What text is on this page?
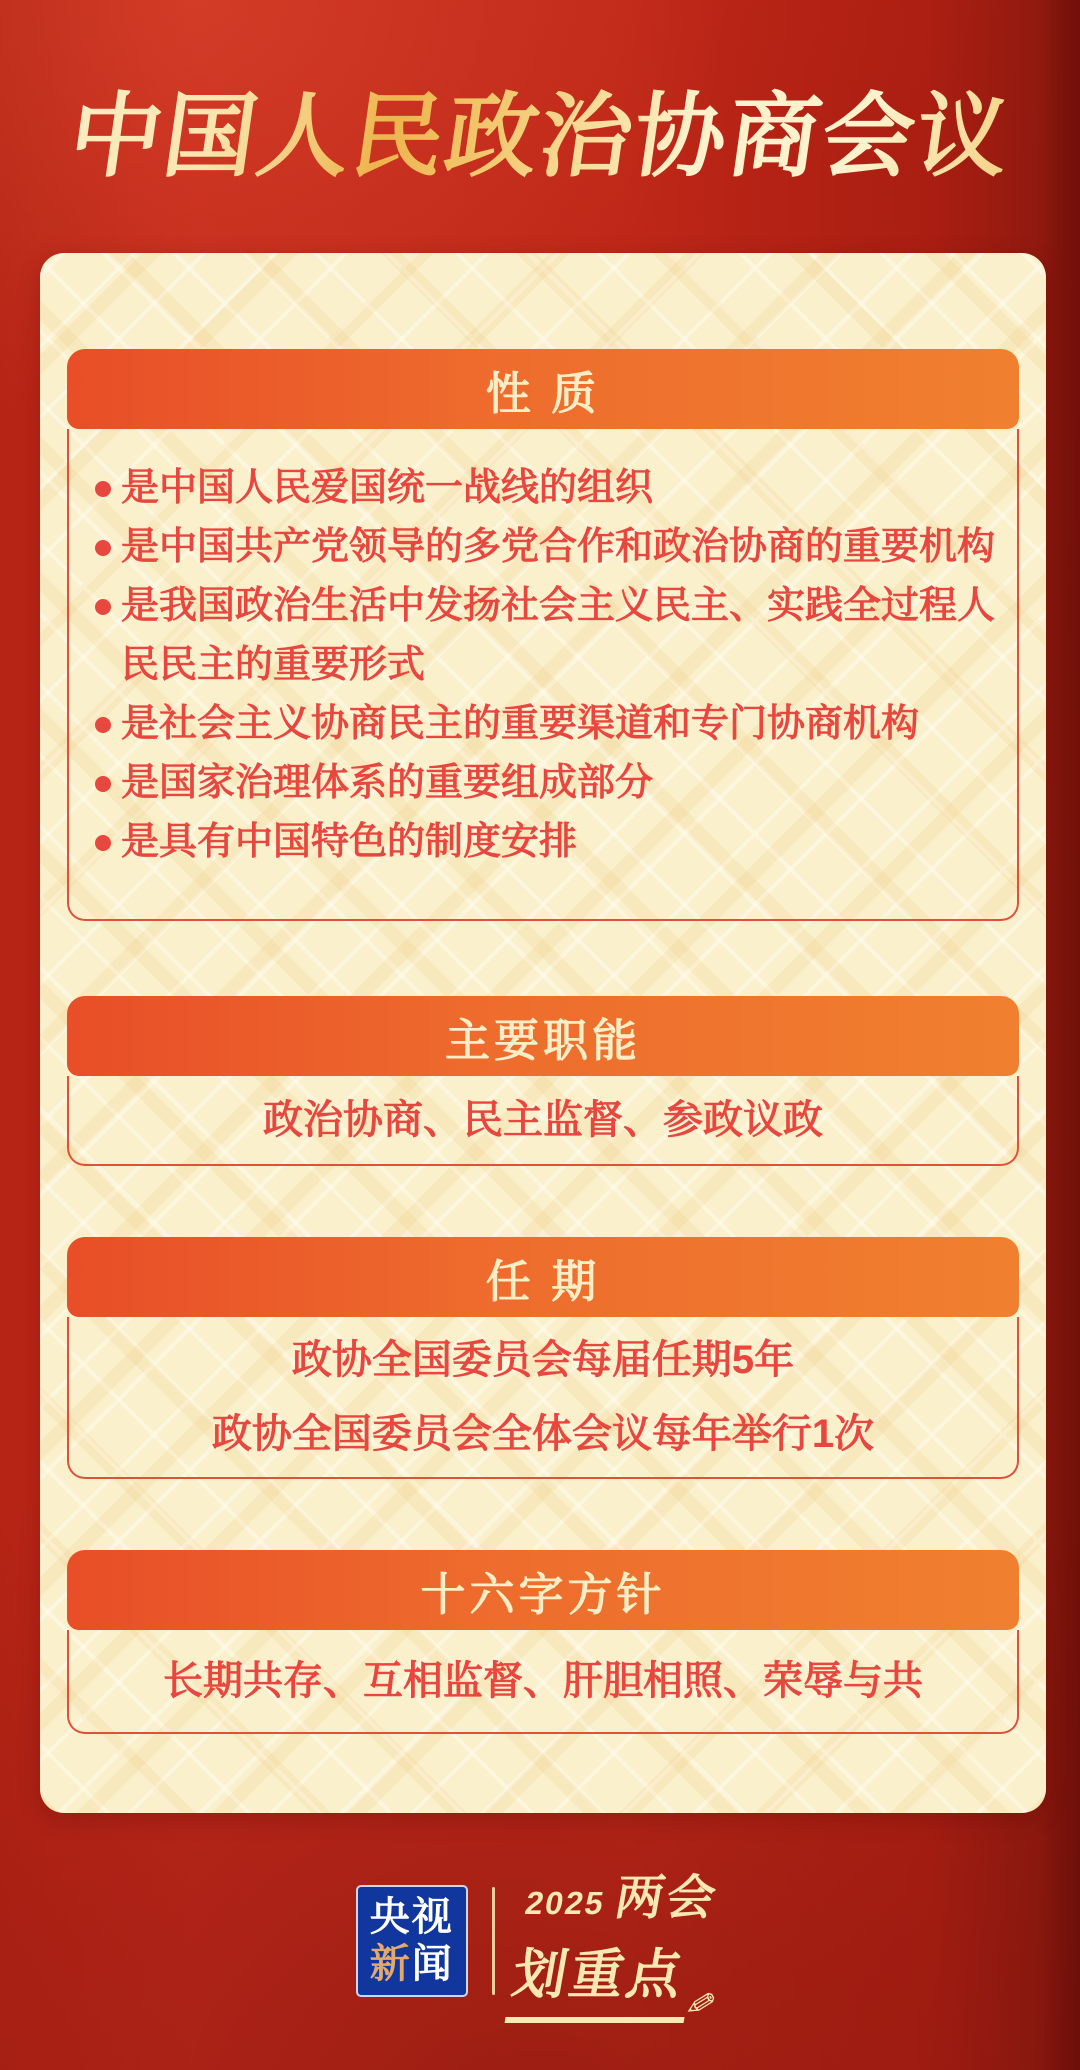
中国人民政治协商会议
性 质
是中国人民爱国统一战线的组织
是中国共产党领导的多党合作和政治协商的重要机构
是我国政治生活中发扬社会主义民主、实践全过程人民民主的重要形式
是社会主义协商民主的重要渠道和专门协商机构
是国家治理体系的重要组成部分
是具有中国特色的制度安排
主要职能

政治协商、民主监督、参政议政

任 期

政协全国委员会每届任期5年

政协全国委员会全体会议每年举行1次

十六字方针

长期共存、互相监督、肝胆相照、荣辱与共

央视
新 闻
2025 两会
划重点
✎
